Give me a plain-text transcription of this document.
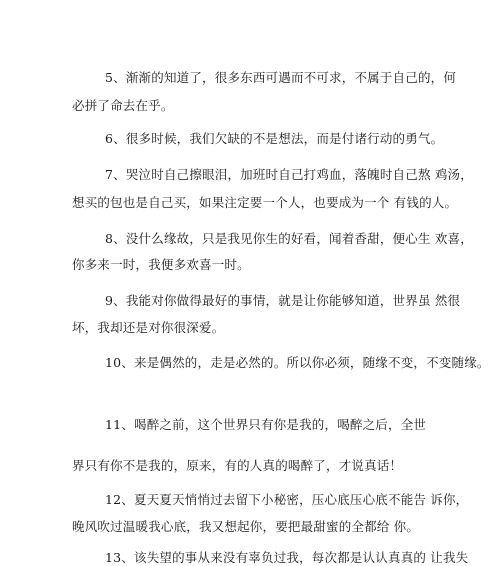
5、渐渐的知道了，很多东西可遇而不可求，不属于自己的，何
必拼了命去在乎。
6、很多时候，我们欠缺的不是想法，而是付诸行动的勇气。
7、哭泣时自己擦眼泪，加班时自己打鸡血，落魄时自己熬 鸡汤，
想买的包也是自己买，如果注定要一个人，也要成为一个 有钱的人。
8、没什么缘故，只是我见你生的好看，闻着香甜，便心生 欢喜，
你多来一时，我便多欢喜一时。
9、我能对你做得最好的事情，就是让你能够知道，世界虽 然很
坏，我却还是对你很深爱。
10、来是偶然的，走是必然的。所以你必须，随缘不变，不变随缘。
11、喝醉之前，这个世界只有你是我的，喝醉之后，全世
界只有你不是我的，原来，有的人真的喝醉了，才说真话！
12、夏天夏天悄悄过去留下小秘密，压心底压心底不能告 诉你，
晚风吹过温暖我心底，我又想起你，要把最甜蜜的全都给 你。
13、该失望的事从来没有辜负过我，每次都是认认真真的 让我失
